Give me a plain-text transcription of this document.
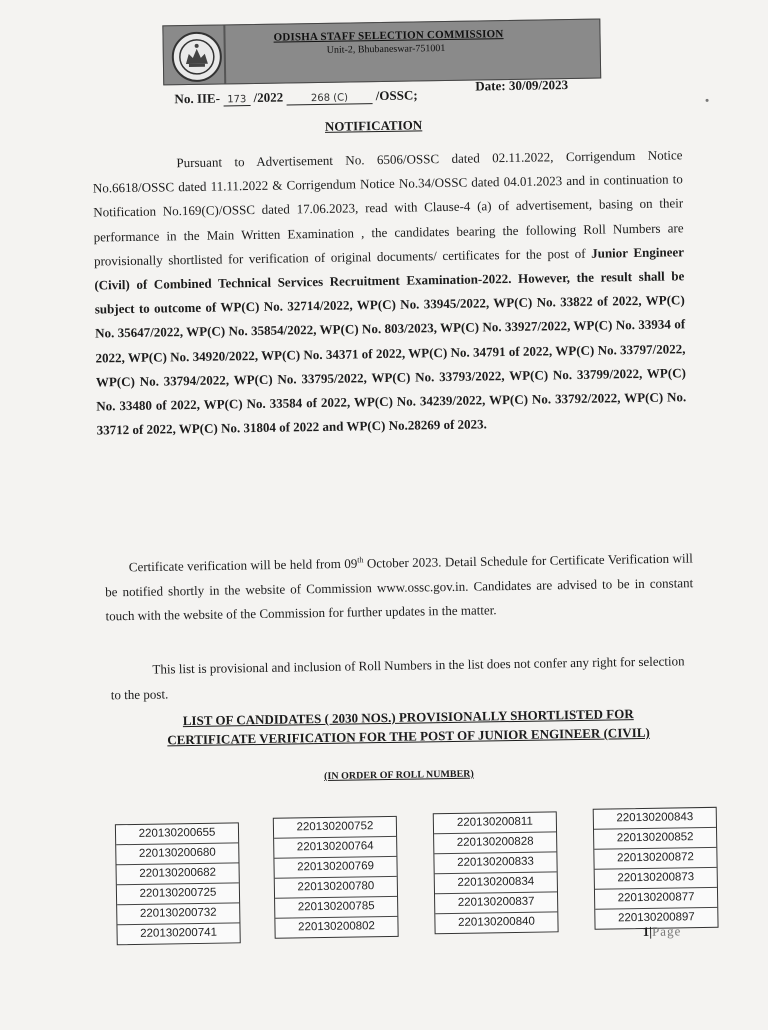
ODISHA STAFF SELECTION COMMISSION
Unit-2, Bhubaneswar-751001
No. IIE- 173 /2022	268 (C) /OSSC;
Date: 30/09/2023
NOTIFICATION

Pursuant to Advertisement No. 6506/OSSC dated 02.11.2022, Corrigendum Notice No.6618/OSSC dated 11.11.2022 & Corrigendum Notice No.34/OSSC dated 04.01.2023 and in continuation to Notification No.169(C)/OSSC dated 17.06.2023, read with Clause-4 (a) of advertisement, basing on their performance in the Main Written Examination , the candidates bearing the following Roll Numbers are provisionally shortlisted for verification of original documents/ certificates for the post of Junior Engineer (Civil) of Combined Technical Services Recruitment Examination-2022. However, the result shall be subject to outcome of WP(C) No. 32714/2022, WP(C) No. 33945/2022, WP(C) No. 33822 of 2022, WP(C) No. 35647/2022, WP(C) No. 35854/2022, WP(C) No. 803/2023, WP(C) No. 33927/2022, WP(C) No. 33934 of 2022, WP(C) No. 34920/2022, WP(C) No. 34371 of 2022, WP(C) No. 34791 of 2022, WP(C) No. 33797/2022, WP(C) No. 33794/2022, WP(C) No. 33795/2022, WP(C) No. 33793/2022, WP(C) No. 33799/2022, WP(C) No. 33480 of 2022, WP(C) No. 33584 of 2022, WP(C) No. 34239/2022, WP(C) No. 33792/2022, WP(C) No. 33712 of 2022, WP(C) No. 31804 of 2022 and WP(C) No.28269 of 2023.

Certificate verification will be held from 09th October 2023. Detail Schedule for Certificate Verification will be notified shortly in the website of Commission www.ossc.gov.in. Candidates are advised to be in constant touch with the website of the Commission for further updates in the matter.

This list is provisional and inclusion of Roll Numbers in the list does not confer any right for selection to the post.

LIST OF CANDIDATES ( 2030 NOS.) PROVISIONALLY SHORTLISTED FOR
CERTIFICATE VERIFICATION FOR THE POST OF JUNIOR ENGINEER (CIVIL)
(IN ORDER OF ROLL NUMBER)
220130200655
220130200680
220130200682
220130200725
220130200732
220130200741
220130200752
220130200764
220130200769
220130200780
220130200785
220130200802
220130200811
220130200828
220130200833
220130200834
220130200837
220130200840
220130200843
220130200852
220130200872
220130200873
220130200877
220130200897
1|Page
